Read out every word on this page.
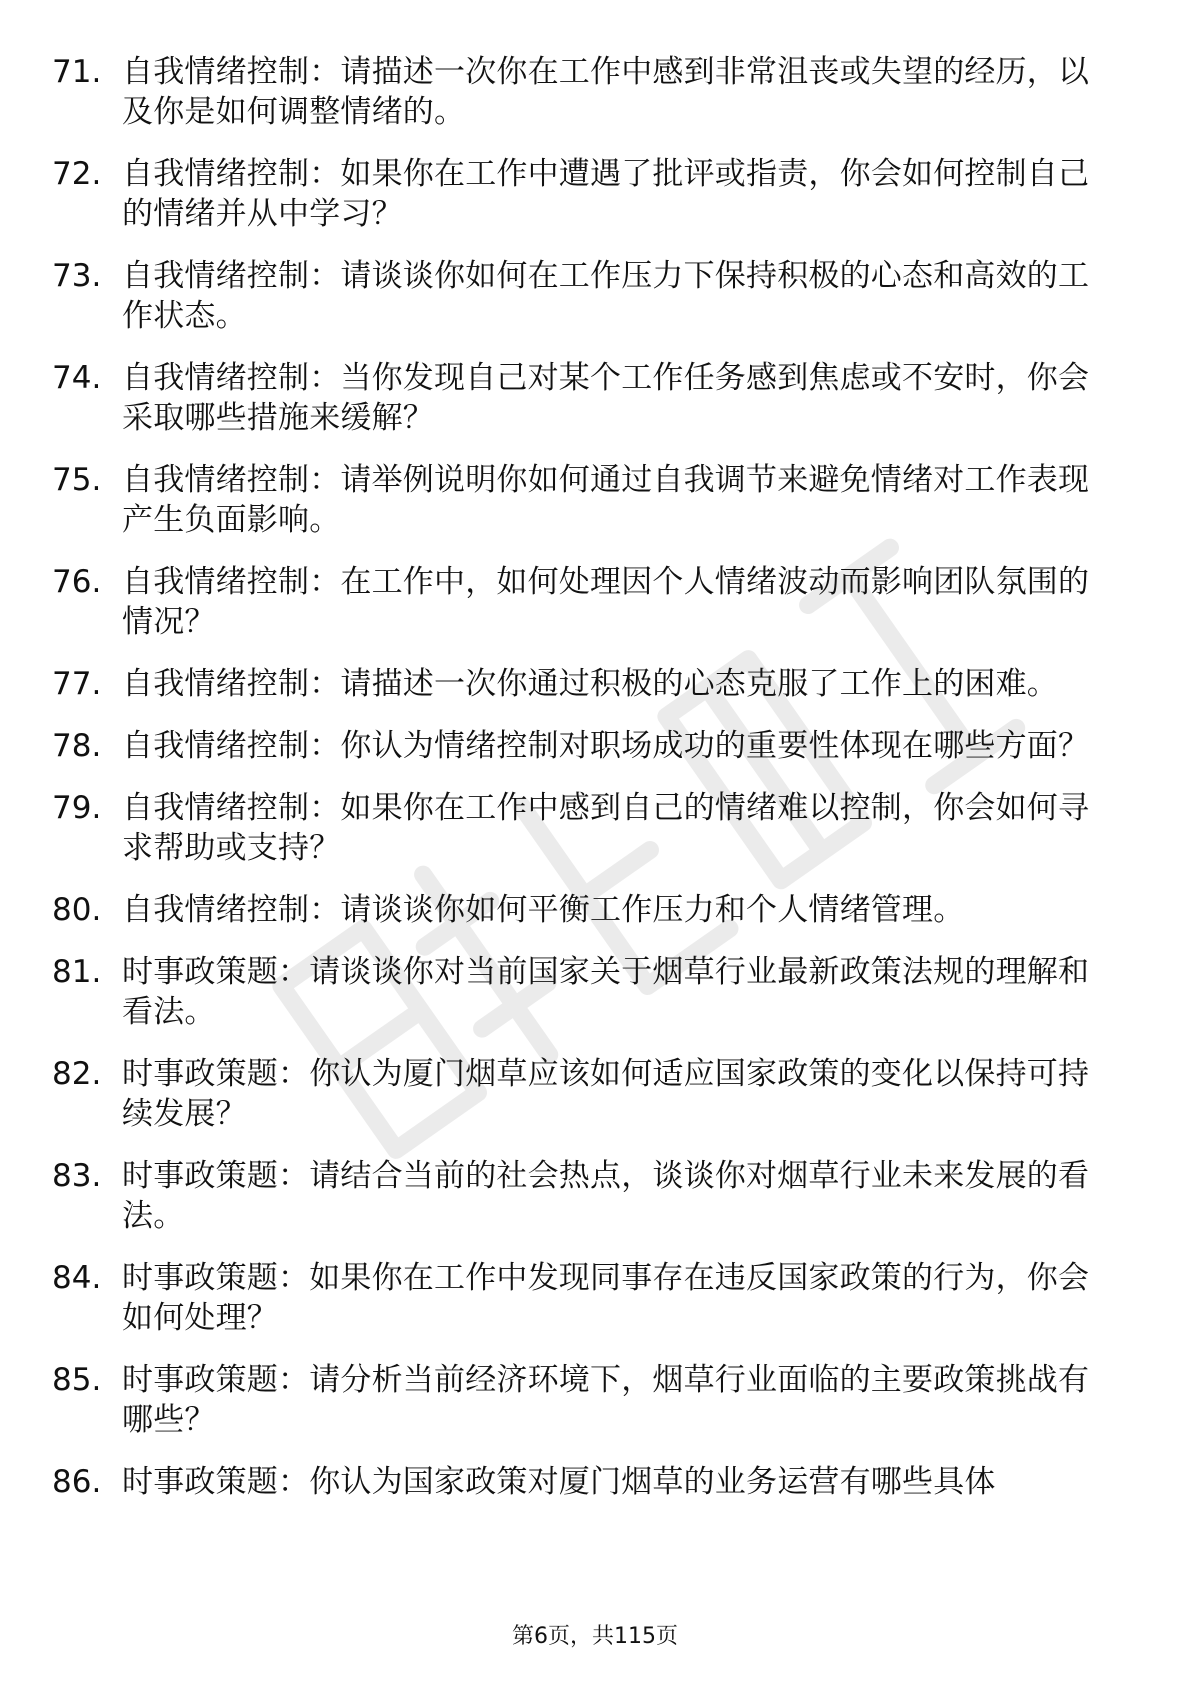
71. 自我情绪控制：请描述一次你在工作中感到非常沮丧或失望的经历，以及你是如何调整情绪的。
72. 自我情绪控制：如果你在工作中遭遇了批评或指责，你会如何控制自己的情绪并从中学习？
73. 自我情绪控制：请谈谈你如何在工作压力下保持积极的心态和高效的工作状态。
74. 自我情绪控制：当你发现自己对某个工作任务感到焦虑或不安时，你会采取哪些措施来缓解？
75. 自我情绪控制：请举例说明你如何通过自我调节来避免情绪对工作表现产生负面影响。
76. 自我情绪控制：在工作中，如何处理因个人情绪波动而影响团队氛围的情况？
77. 自我情绪控制：请描述一次你通过积极的心态克服了工作上的困难。
78. 自我情绪控制：你认为情绪控制对职场成功的重要性体现在哪些方面？
79. 自我情绪控制：如果你在工作中感到自己的情绪难以控制，你会如何寻求帮助或支持？
80. 自我情绪控制：请谈谈你如何平衡工作压力和个人情绪管理。
81. 时事政策题：请谈谈你对当前国家关于烟草行业最新政策法规的理解和看法。
82. 时事政策题：你认为厦门烟草应该如何适应国家政策的变化以保持可持续发展？
83. 时事政策题：请结合当前的社会热点，谈谈你对烟草行业未来发展的看法。
84. 时事政策题：如果你在工作中发现同事存在违反国家政策的行为，你会如何处理？
85. 时事政策题：请分析当前经济环境下，烟草行业面临的主要政策挑战有哪些？
86. 时事政策题：你认为国家政策对厦门烟草的业务运营有哪些具体
第6页，共115页
